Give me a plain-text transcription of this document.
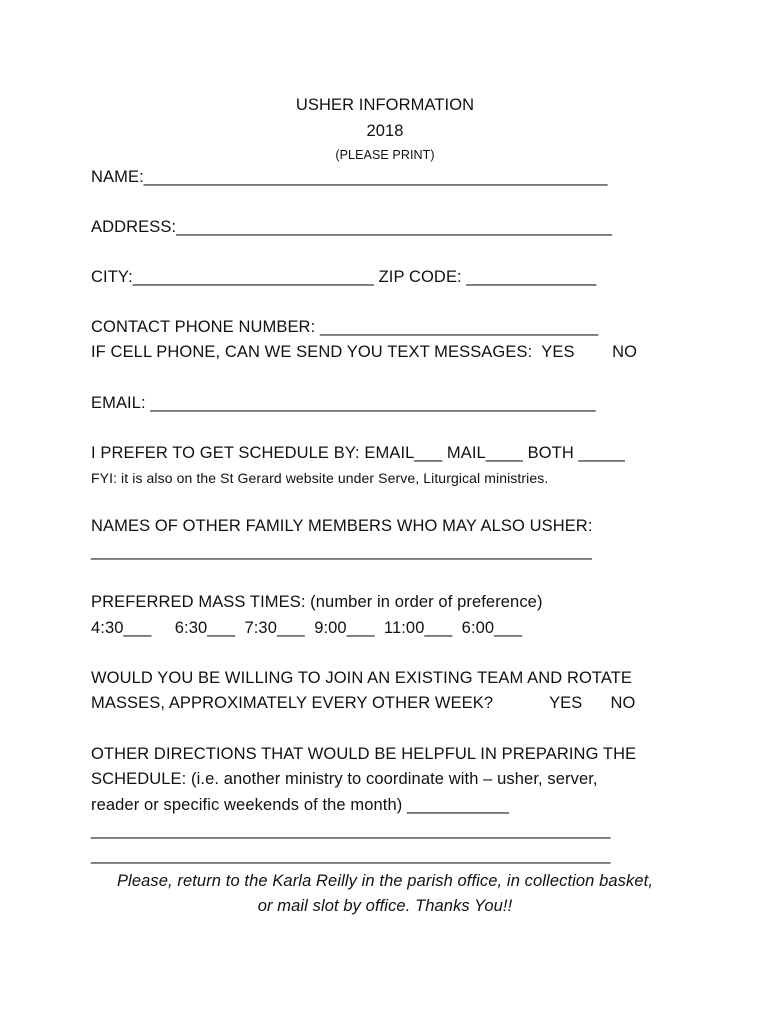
USHER INFORMATION
2018
(PLEASE PRINT)
NAME:__________________________________________________
ADDRESS:_______________________________________________
CITY:__________________________ ZIP CODE: ______________
CONTACT PHONE NUMBER: ______________________________
IF CELL PHONE, CAN WE SEND YOU TEXT MESSAGES:  YES        NO
EMAIL: ________________________________________________
I PREFER TO GET SCHEDULE BY: EMAIL___ MAIL____ BOTH _____
FYI: it is also on the St Gerard website under Serve, Liturgical ministries.
NAMES OF OTHER FAMILY MEMBERS WHO MAY ALSO USHER:
______________________________________________________
PREFERRED MASS TIMES: (number in order of preference)
4:30___     6:30___  7:30___  9:00___  11:00___  6:00___
WOULD YOU BE WILLING TO JOIN AN EXISTING TEAM AND ROTATE
MASSES, APPROXIMATELY EVERY OTHER WEEK?            YES      NO
OTHER DIRECTIONS THAT WOULD BE HELPFUL IN PREPARING THE
SCHEDULE: (i.e. another ministry to coordinate with – usher, server,
reader or specific weekends of the month) ___________
________________________________________________________
________________________________________________________
Please, return to the Karla Reilly in the parish office, in collection basket,
or mail slot by office. Thanks You!!
